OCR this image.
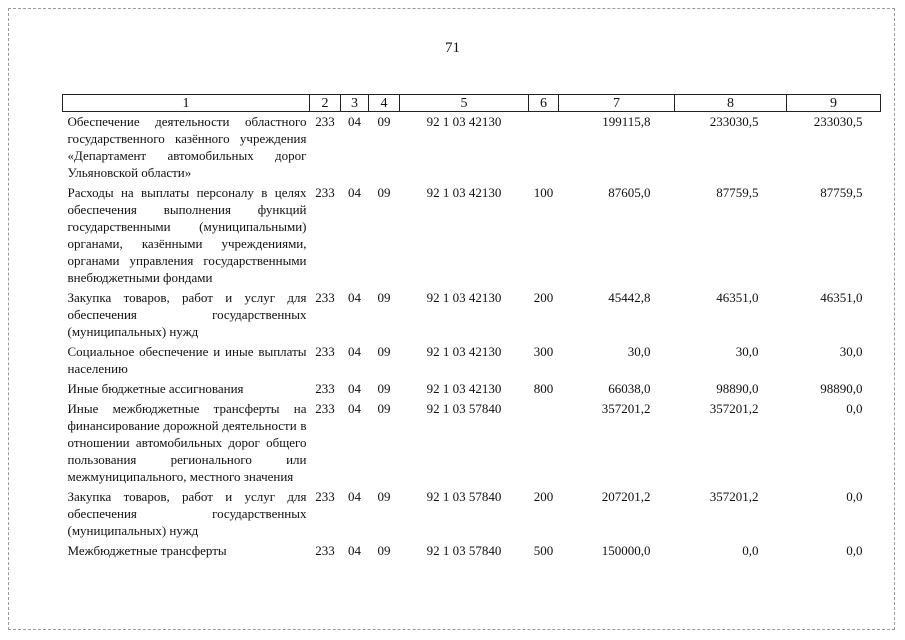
71
1	2	3	4	5	6	7	8	9
Обеспечение деятельности областного государственного казённого учреждения «Департамент автомобильных дорог Ульяновской области»	233	04	09	92 1 03 42130		199115,8	233030,5	233030,5
Расходы на выплаты персоналу в целях обеспечения выполнения функций государственными (муниципальными) органами, казёнными учреждениями, органами управления государственными внебюджетными фондами	233	04	09	92 1 03 42130	100	87605,0	87759,5	87759,5
Закупка товаров, работ и услуг для обеспечения государственных (муниципальных) нужд	233	04	09	92 1 03 42130	200	45442,8	46351,0	46351,0
Социальное обеспечение и иные выплаты населению	233	04	09	92 1 03 42130	300	30,0	30,0	30,0
Иные бюджетные ассигнования	233	04	09	92 1 03 42130	800	66038,0	98890,0	98890,0
Иные межбюджетные трансферты на финансирование дорожной деятельности в отношении автомобильных дорог общего пользования регионального или межмуниципального, местного значения	233	04	09	92 1 03 57840		357201,2	357201,2	0,0
Закупка товаров, работ и услуг для обеспечения государственных (муниципальных) нужд	233	04	09	92 1 03 57840	200	207201,2	357201,2	0,0
Межбюджетные трансферты	233	04	09	92 1 03 57840	500	150000,0	0,0	0,0
